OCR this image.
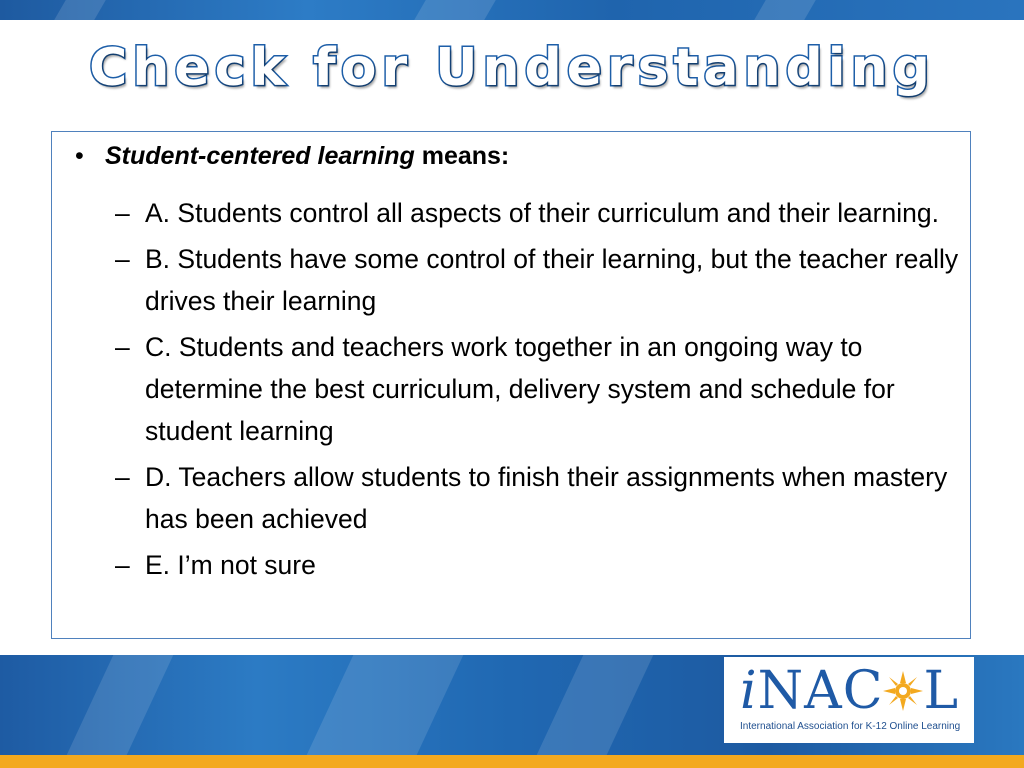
Check for Understanding
• Student-centered learning means:
– A. Students control all aspects of their curriculum and their learning.
– B. Students have some control of their learning, but the teacher really drives their learning
– C. Students and teachers work together in an ongoing way to determine the best curriculum, delivery system and schedule for student learning
– D. Teachers allow students to finish their assignments when mastery has been achieved
– E. I’m not sure
iNAC L
International Association for K-12 Online Learning
